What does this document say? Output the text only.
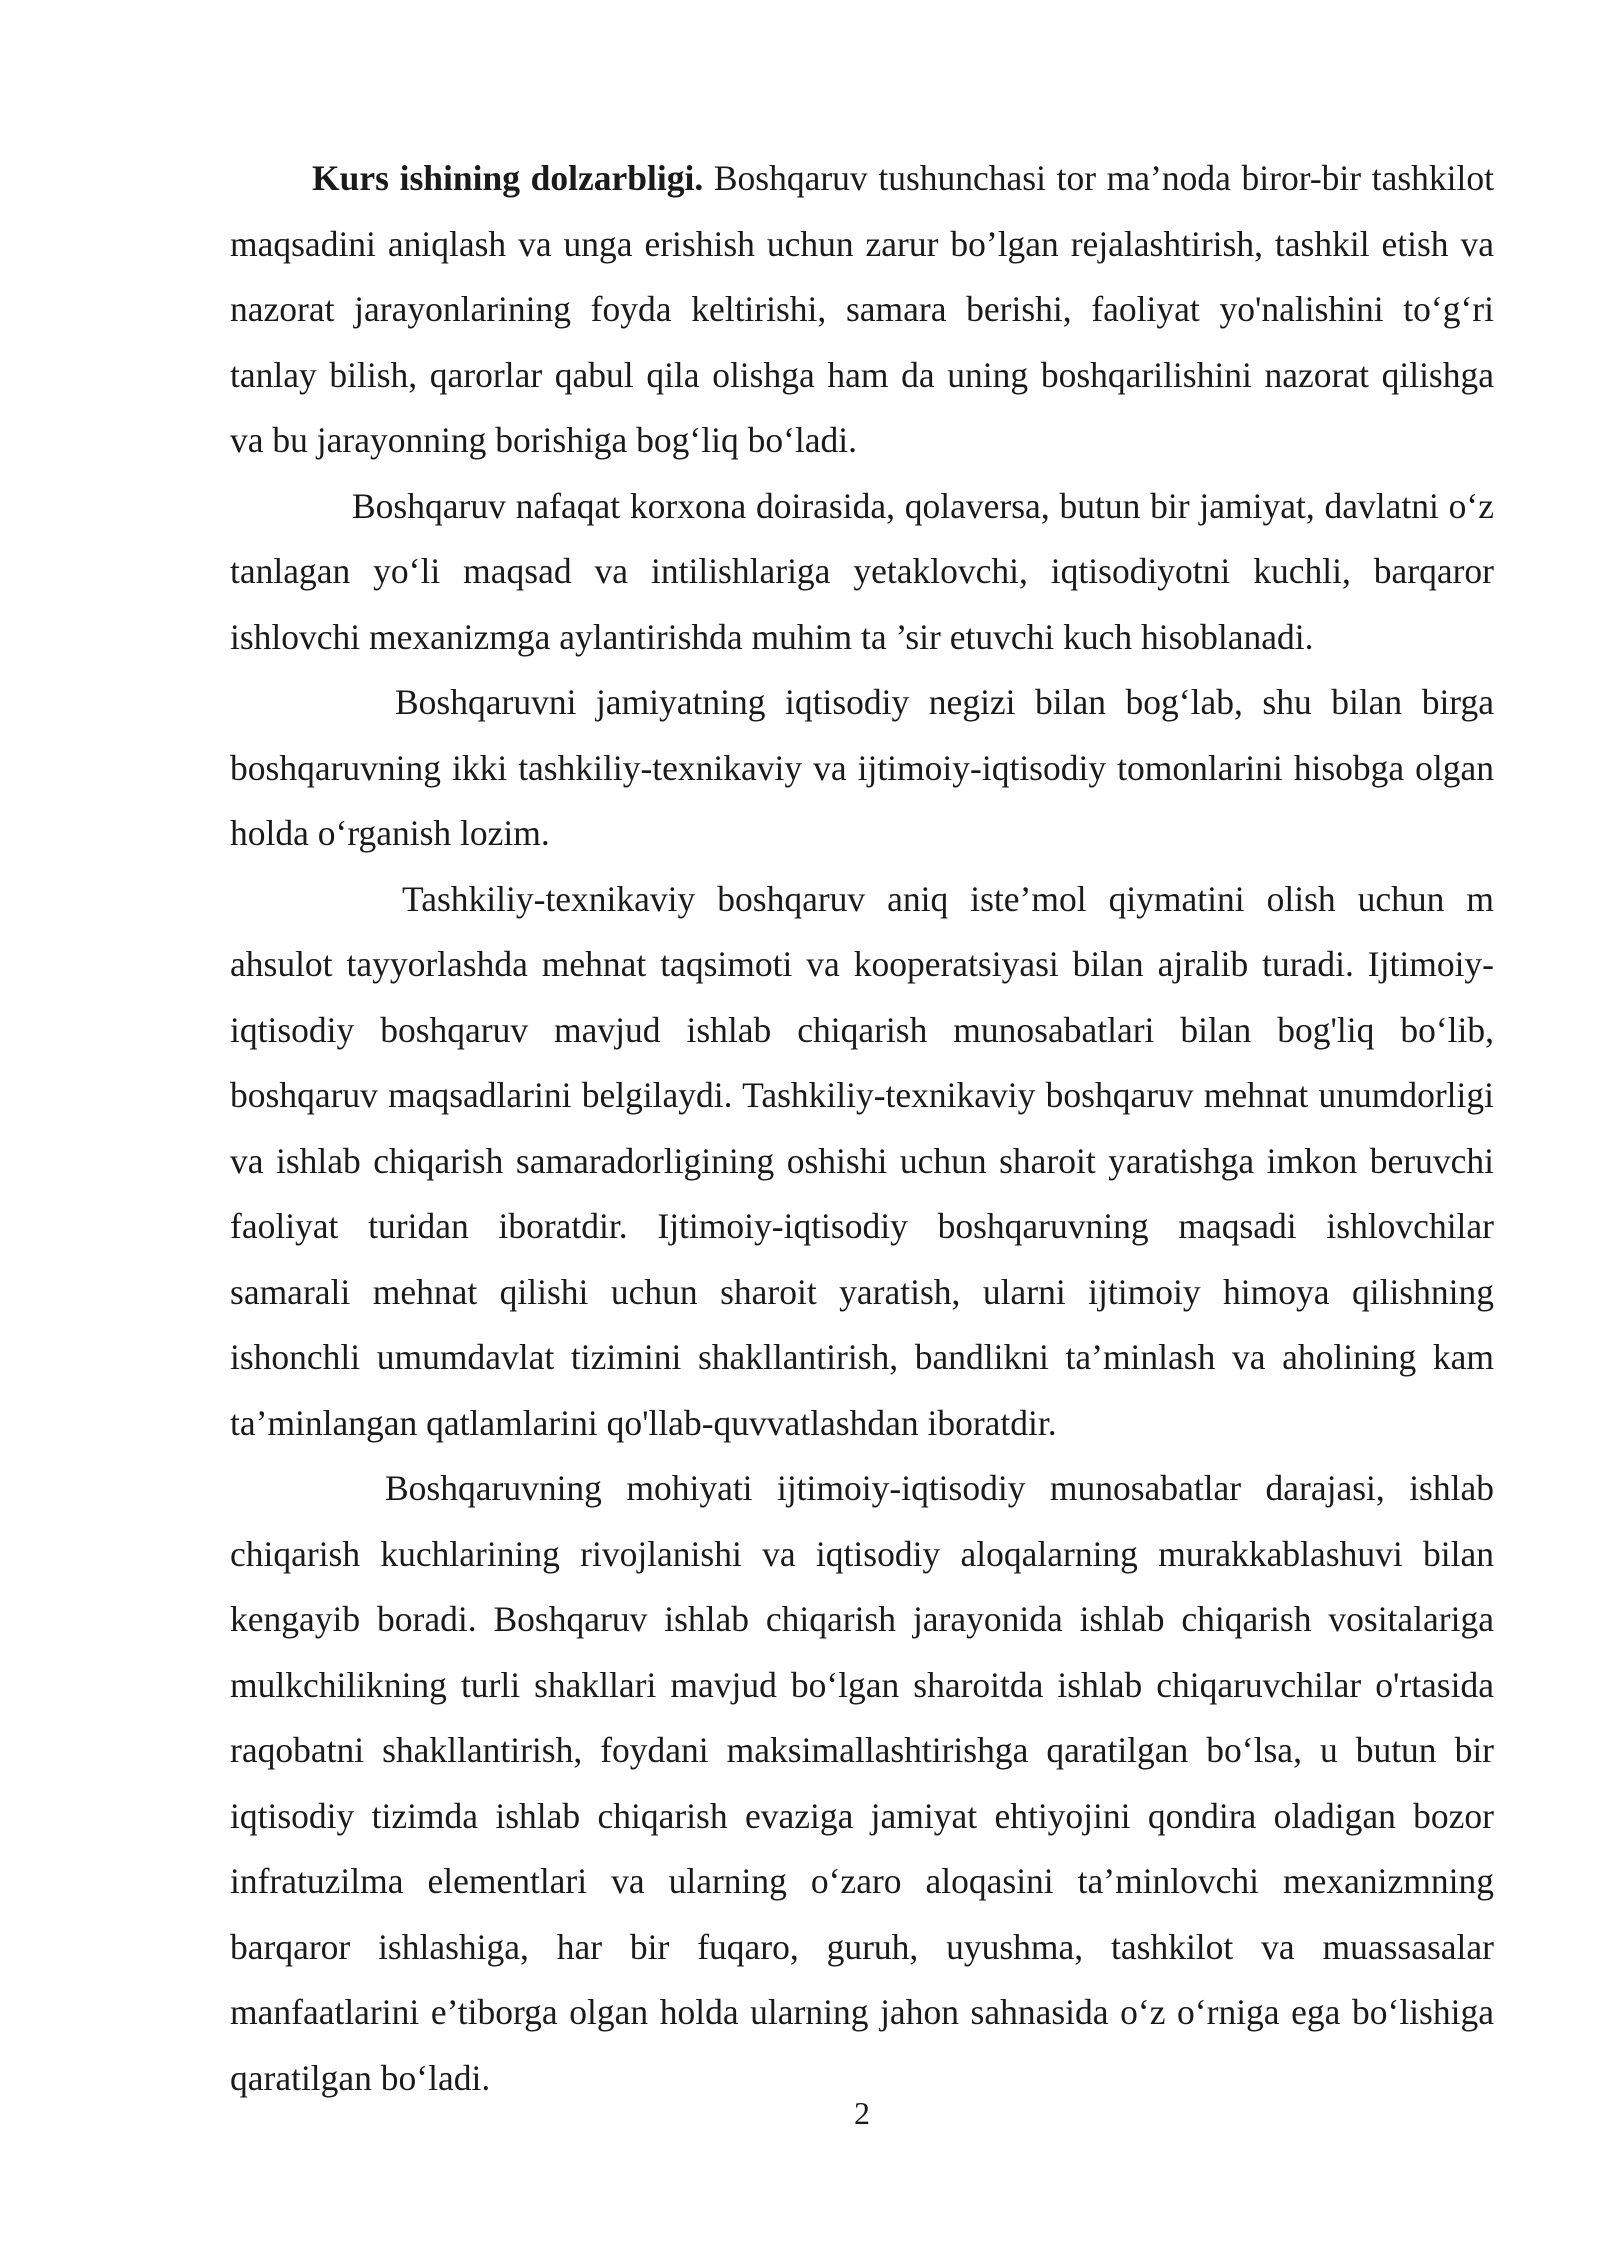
Kurs ishining dolzarbligi. Boshqaruv tushunchasi tor ma’noda biror-bir tashkilot maqsadini aniqlash va unga erishish uchun zarur bo’lgan rejalashtirish, tashkil etish va nazorat jarayonlarining foyda keltirishi, samara berishi, faoliyat yo'nalishini to‘g‘ri tanlay bilish, qarorlar qabul qila olishga ham da uning boshqarilishini nazorat qilishga va bu jarayonning borishiga bog‘liq bo‘ladi.

Boshqaruv nafaqat korxona doirasida, qolaversa, butun bir jamiyat, davlatni o‘z tanlagan yo‘li maqsad va intilishlariga yetaklovchi, iqtisodiyotni kuchli, barqaror ishlovchi mexanizmga aylantirishda muhim ta ’sir etuvchi kuch hisoblanadi.

Boshqaruvni jamiyatning iqtisodiy negizi bilan bog‘lab, shu bilan birga boshqaruvning ikki tashkiliy-texnikaviy va ijtimoiy-iqtisodiy tomonlarini hisobga olgan holda o‘rganish lozim.

Tashkiliy-texnikaviy boshqaruv aniq iste’mol qiymatini olish uchun m ahsulot tayyorlashda mehnat taqsimoti va kooperatsiyasi bilan ajralib turadi. Ijtimoiy-iqtisodiy boshqaruv mavjud ishlab chiqarish munosabatlari bilan bog'liq bo‘lib, boshqaruv maqsadlarini belgilaydi. Tashkiliy-texnikaviy boshqaruv mehnat unumdorligi va ishlab chiqarish samaradorligining oshishi uchun sharoit yaratishga imkon beruvchi faoliyat turidan iboratdir. Ijtimoiy-iqtisodiy boshqaruvning maqsadi ishlovchilar samarali mehnat qilishi uchun sharoit yaratish, ularni ijtimoiy himoya qilishning ishonchli umumdavlat tizimini shakllantirish, bandlikni ta’minlash va aholining kam ta’minlangan qatlamlarini qo'llab-quvvatlashdan iboratdir.

Boshqaruvning mohiyati ijtimoiy-iqtisodiy munosabatlar darajasi, ishlab chiqarish kuchlarining rivojlanishi va iqtisodiy aloqalarning murakkablashuvi bilan kengayib boradi. Boshqaruv ishlab chiqarish jarayonida ishlab chiqarish vositalariga mulkchilikning turli shakllari mavjud bo‘lgan sharoitda ishlab chiqaruvchilar o'rtasida raqobatni shakllantirish, foydani maksimallashtirishga qaratilgan bo‘lsa, u butun bir iqtisodiy tizimda ishlab chiqarish evaziga jamiyat ehtiyojini qondira oladigan bozor infratuzilma elementlari va ularning o‘zaro aloqasini ta’minlovchi mexanizmning barqaror ishlashiga, har bir fuqaro, guruh, uyushma, tashkilot va muassasalar manfaatlarini e’tiborga olgan holda ularning jahon sahnasida o‘z o‘rniga ega bo‘lishiga qaratilgan bo‘ladi.

2
